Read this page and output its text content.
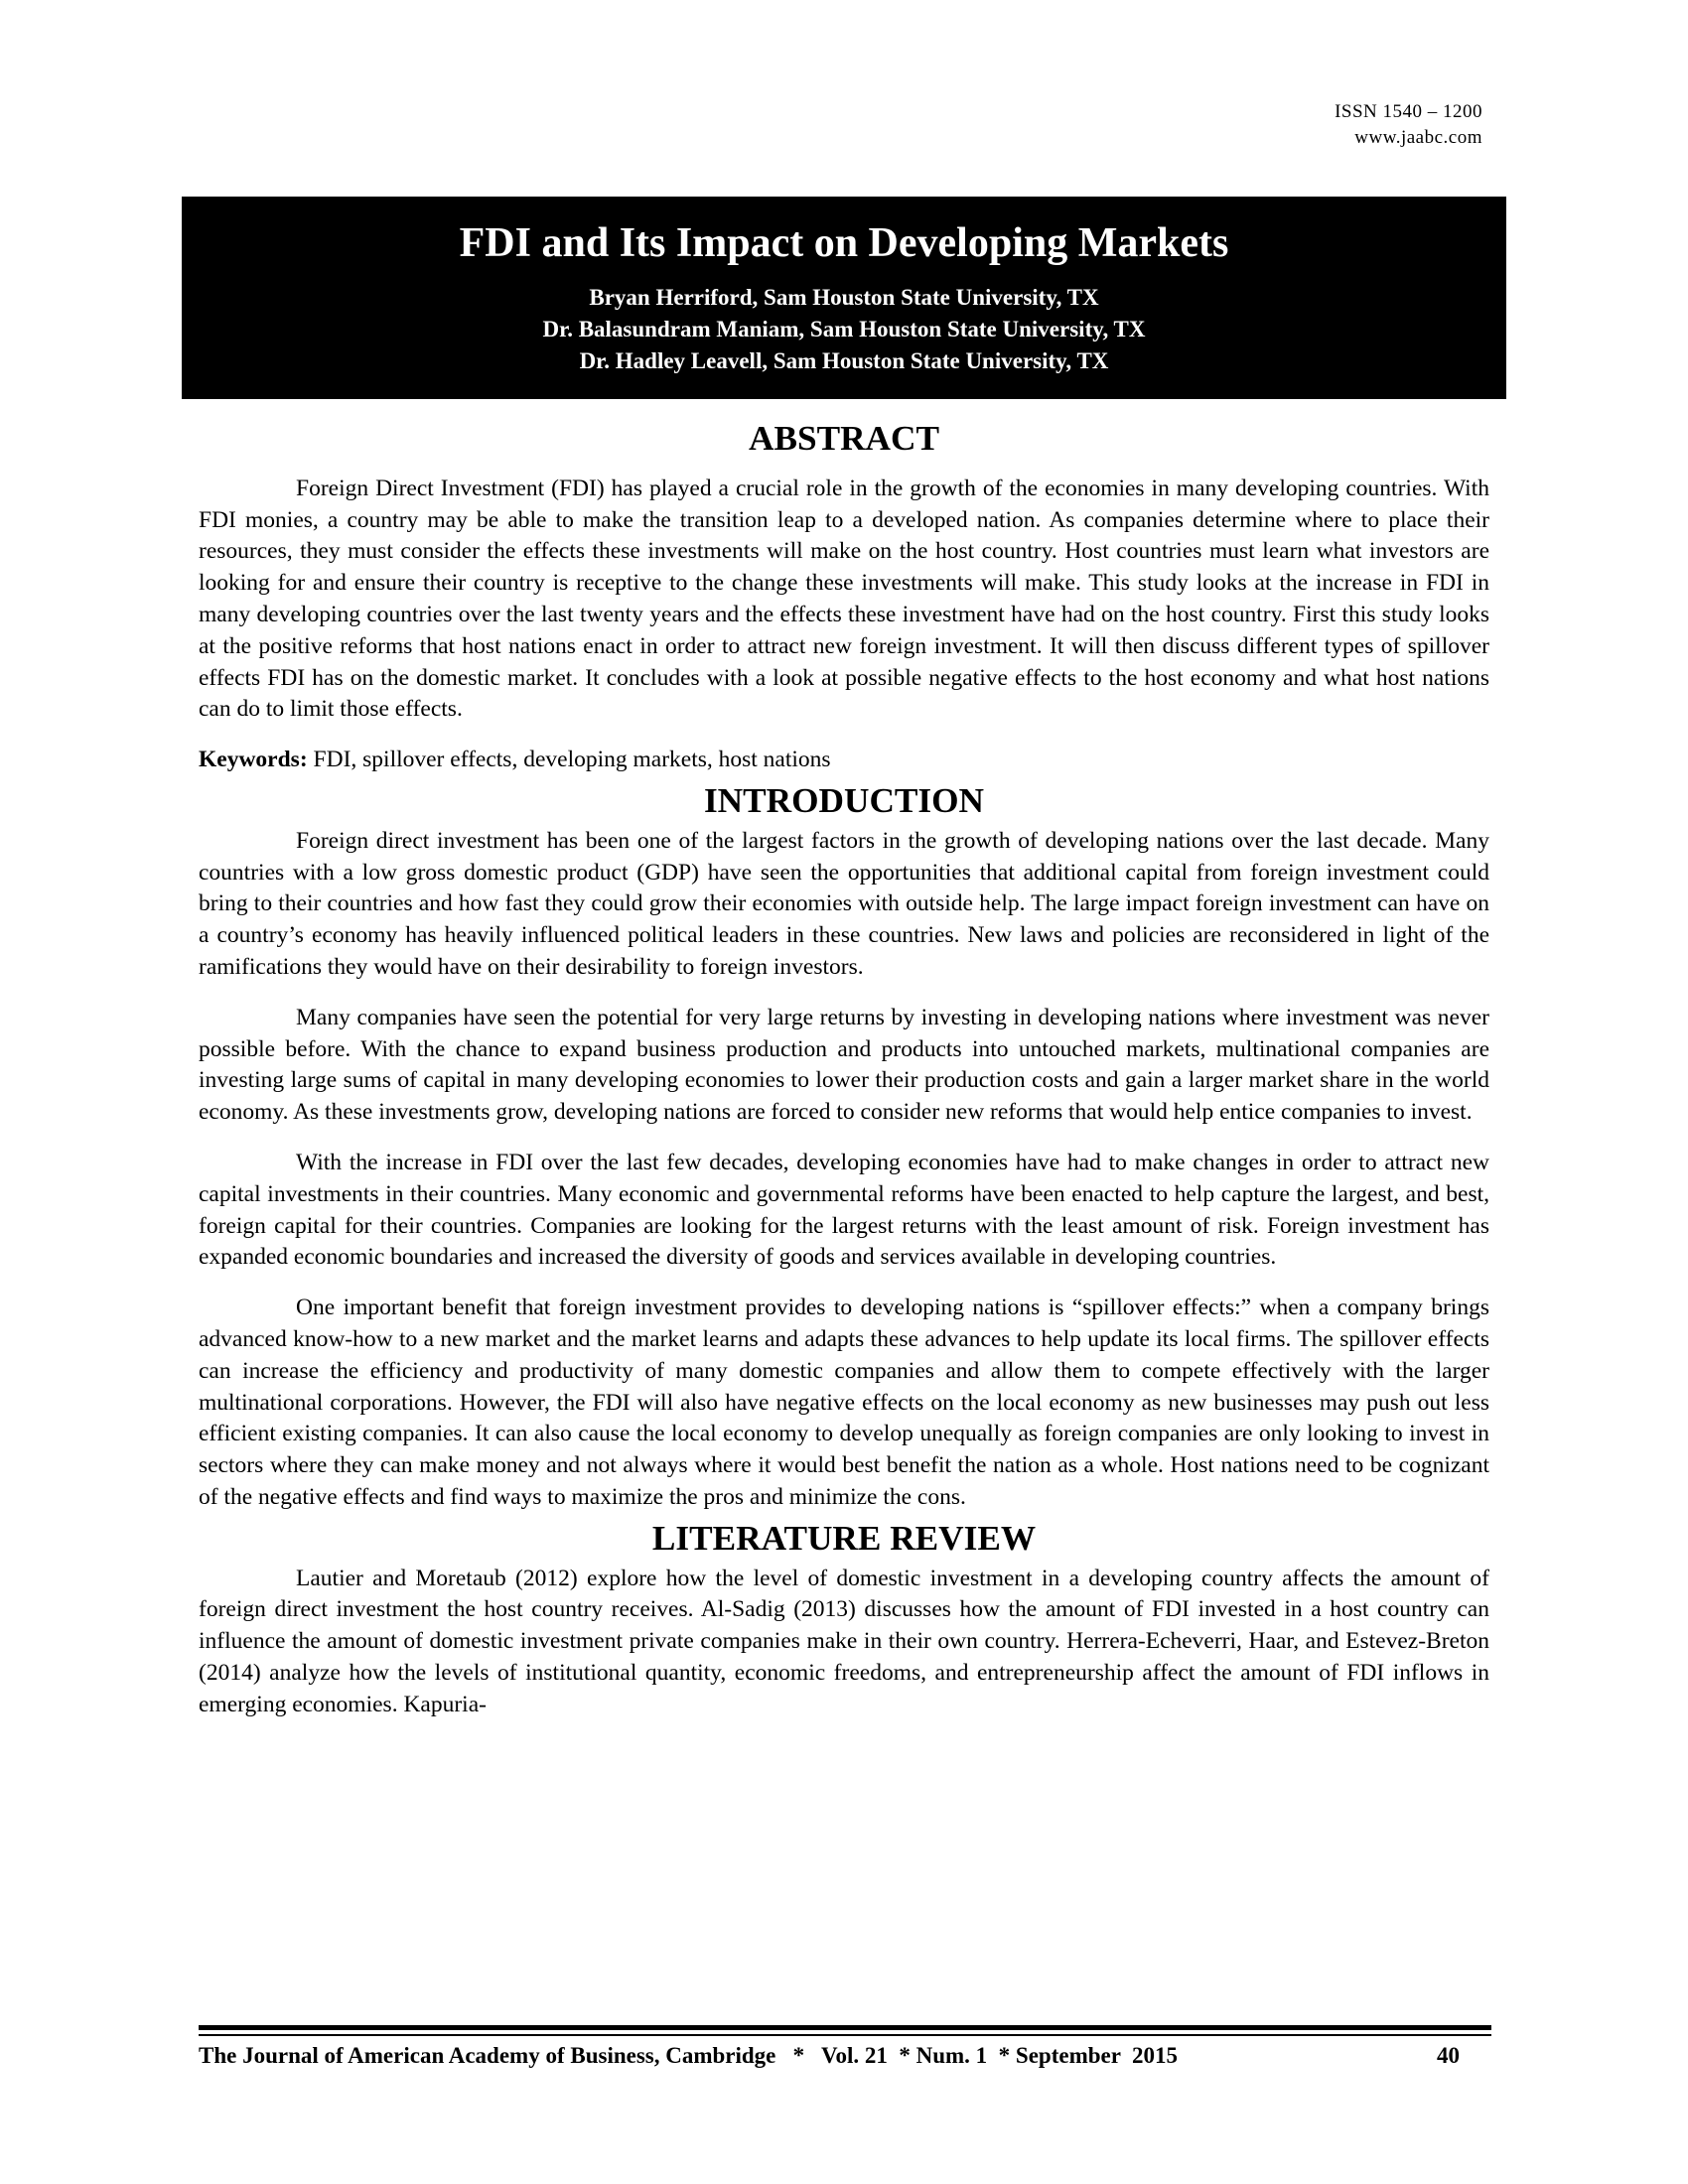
ISSN 1540 – 1200
www.jaabc.com
FDI and Its Impact on Developing Markets
Bryan Herriford, Sam Houston State University, TX
Dr. Balasundram Maniam, Sam Houston State University, TX
Dr. Hadley Leavell, Sam Houston State University, TX
ABSTRACT

Foreign Direct Investment (FDI) has played a crucial role in the growth of the economies in many developing countries. With FDI monies, a country may be able to make the transition leap to a developed nation. As companies determine where to place their resources, they must consider the effects these investments will make on the host country. Host countries must learn what investors are looking for and ensure their country is receptive to the change these investments will make. This study looks at the increase in FDI in many developing countries over the last twenty years and the effects these investment have had on the host country. First this study looks at the positive reforms that host nations enact in order to attract new foreign investment. It will then discuss different types of spillover effects FDI has on the domestic market. It concludes with a look at possible negative effects to the host economy and what host nations can do to limit those effects.

Keywords: FDI, spillover effects, developing markets, host nations

INTRODUCTION

Foreign direct investment has been one of the largest factors in the growth of developing nations over the last decade. Many countries with a low gross domestic product (GDP) have seen the opportunities that additional capital from foreign investment could bring to their countries and how fast they could grow their economies with outside help. The large impact foreign investment can have on a country’s economy has heavily influenced political leaders in these countries. New laws and policies are reconsidered in light of the ramifications they would have on their desirability to foreign investors.

Many companies have seen the potential for very large returns by investing in developing nations where investment was never possible before. With the chance to expand business production and products into untouched markets, multinational companies are investing large sums of capital in many developing economies to lower their production costs and gain a larger market share in the world economy. As these investments grow, developing nations are forced to consider new reforms that would help entice companies to invest.

With the increase in FDI over the last few decades, developing economies have had to make changes in order to attract new capital investments in their countries. Many economic and governmental reforms have been enacted to help capture the largest, and best, foreign capital for their countries. Companies are looking for the largest returns with the least amount of risk. Foreign investment has expanded economic boundaries and increased the diversity of goods and services available in developing countries.

One important benefit that foreign investment provides to developing nations is “spillover effects:” when a company brings advanced know-how to a new market and the market learns and adapts these advances to help update its local firms. The spillover effects can increase the efficiency and productivity of many domestic companies and allow them to compete effectively with the larger multinational corporations. However, the FDI will also have negative effects on the local economy as new businesses may push out less efficient existing companies. It can also cause the local economy to develop unequally as foreign companies are only looking to invest in sectors where they can make money and not always where it would best benefit the nation as a whole. Host nations need to be cognizant of the negative effects and find ways to maximize the pros and minimize the cons.

LITERATURE REVIEW

Lautier and Moretaub (2012) explore how the level of domestic investment in a developing country affects the amount of foreign direct investment the host country receives. Al-Sadig (2013) discusses how the amount of FDI invested in a host country can influence the amount of domestic investment private companies make in their own country. Herrera-Echeverri, Haar, and Estevez-Breton (2014) analyze how the levels of institutional quantity, economic freedoms, and entrepreneurship affect the amount of FDI inflows in emerging economies. Kapuria-

The Journal of American Academy of Business, Cambridge   *   Vol. 21  * Num. 1  * September  2015	40
